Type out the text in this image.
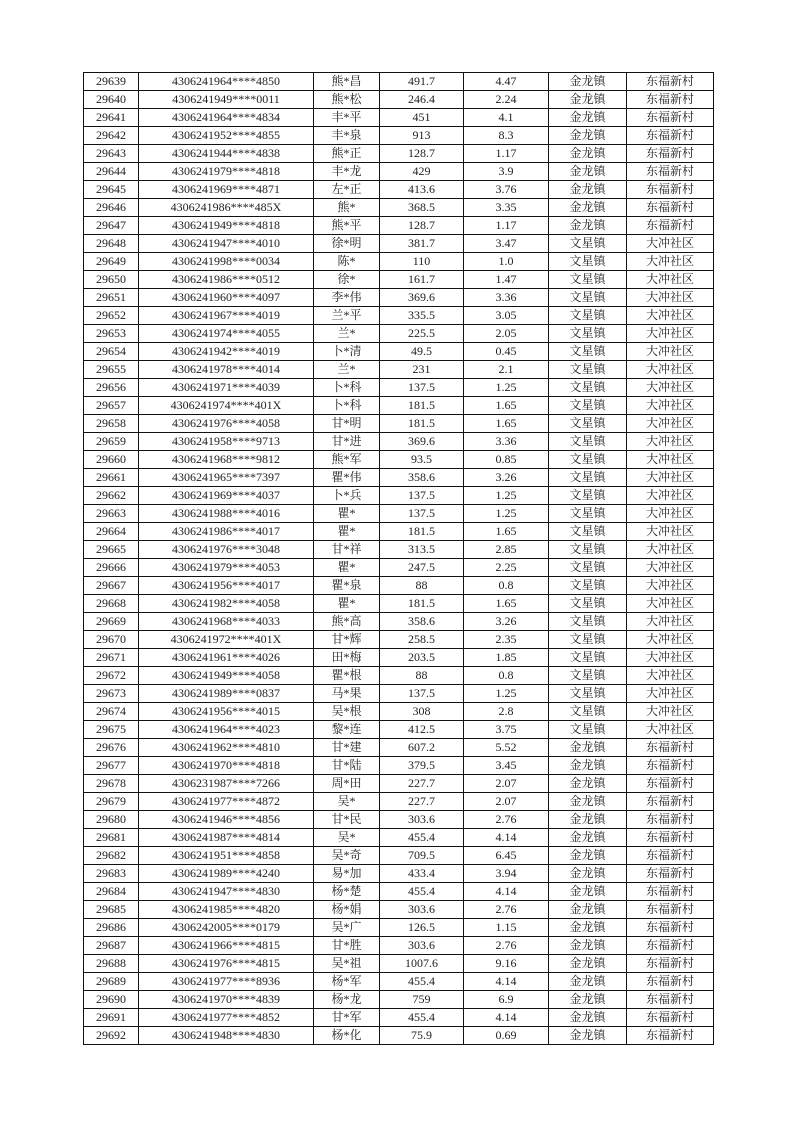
29639	4306241964****4850	熊*昌	491.7	4.47	金龙镇	东福新村
29640	4306241949****0011	熊*松	246.4	2.24	金龙镇	东福新村
29641	4306241964****4834	丰*平	451	4.1	金龙镇	东福新村
29642	4306241952****4855	丰*泉	913	8.3	金龙镇	东福新村
29643	4306241944****4838	熊*正	128.7	1.17	金龙镇	东福新村
29644	4306241979****4818	丰*龙	429	3.9	金龙镇	东福新村
29645	4306241969****4871	左*正	413.6	3.76	金龙镇	东福新村
29646	4306241986****485X	熊*	368.5	3.35	金龙镇	东福新村
29647	4306241949****4818	熊*平	128.7	1.17	金龙镇	东福新村
29648	4306241947****4010	徐*明	381.7	3.47	文星镇	大冲社区
29649	4306241998****0034	陈*	110	1.0	文星镇	大冲社区
29650	4306241986****0512	徐*	161.7	1.47	文星镇	大冲社区
29651	4306241960****4097	李*伟	369.6	3.36	文星镇	大冲社区
29652	4306241967****4019	兰*平	335.5	3.05	文星镇	大冲社区
29653	4306241974****4055	兰*	225.5	2.05	文星镇	大冲社区
29654	4306241942****4019	卜*清	49.5	0.45	文星镇	大冲社区
29655	4306241978****4014	兰*	231	2.1	文星镇	大冲社区
29656	4306241971****4039	卜*科	137.5	1.25	文星镇	大冲社区
29657	4306241974****401X	卜*科	181.5	1.65	文星镇	大冲社区
29658	4306241976****4058	甘*明	181.5	1.65	文星镇	大冲社区
29659	4306241958****9713	甘*进	369.6	3.36	文星镇	大冲社区
29660	4306241968****9812	熊*军	93.5	0.85	文星镇	大冲社区
29661	4306241965****7397	瞿*伟	358.6	3.26	文星镇	大冲社区
29662	4306241969****4037	卜*兵	137.5	1.25	文星镇	大冲社区
29663	4306241988****4016	瞿*	137.5	1.25	文星镇	大冲社区
29664	4306241986****4017	瞿*	181.5	1.65	文星镇	大冲社区
29665	4306241976****3048	甘*祥	313.5	2.85	文星镇	大冲社区
29666	4306241979****4053	瞿*	247.5	2.25	文星镇	大冲社区
29667	4306241956****4017	瞿*泉	88	0.8	文星镇	大冲社区
29668	4306241982****4058	瞿*	181.5	1.65	文星镇	大冲社区
29669	4306241968****4033	熊*高	358.6	3.26	文星镇	大冲社区
29670	4306241972****401X	甘*辉	258.5	2.35	文星镇	大冲社区
29671	4306241961****4026	田*梅	203.5	1.85	文星镇	大冲社区
29672	4306241949****4058	瞿*根	88	0.8	文星镇	大冲社区
29673	4306241989****0837	马*果	137.5	1.25	文星镇	大冲社区
29674	4306241956****4015	吴*根	308	2.8	文星镇	大冲社区
29675	4306241964****4023	黎*连	412.5	3.75	文星镇	大冲社区
29676	4306241962****4810	甘*建	607.2	5.52	金龙镇	东福新村
29677	4306241970****4818	甘*陆	379.5	3.45	金龙镇	东福新村
29678	4306231987****7266	周*田	227.7	2.07	金龙镇	东福新村
29679	4306241977****4872	吴*	227.7	2.07	金龙镇	东福新村
29680	4306241946****4856	甘*民	303.6	2.76	金龙镇	东福新村
29681	4306241987****4814	吴*	455.4	4.14	金龙镇	东福新村
29682	4306241951****4858	吴*奇	709.5	6.45	金龙镇	东福新村
29683	4306241989****4240	易*加	433.4	3.94	金龙镇	东福新村
29684	4306241947****4830	杨*楚	455.4	4.14	金龙镇	东福新村
29685	4306241985****4820	杨*娟	303.6	2.76	金龙镇	东福新村
29686	4306242005****0179	吴*广	126.5	1.15	金龙镇	东福新村
29687	4306241966****4815	甘*胜	303.6	2.76	金龙镇	东福新村
29688	4306241976****4815	吴*祖	1007.6	9.16	金龙镇	东福新村
29689	4306241977****8936	杨*军	455.4	4.14	金龙镇	东福新村
29690	4306241970****4839	杨*龙	759	6.9	金龙镇	东福新村
29691	4306241977****4852	甘*军	455.4	4.14	金龙镇	东福新村
29692	4306241948****4830	杨*化	75.9	0.69	金龙镇	东福新村
